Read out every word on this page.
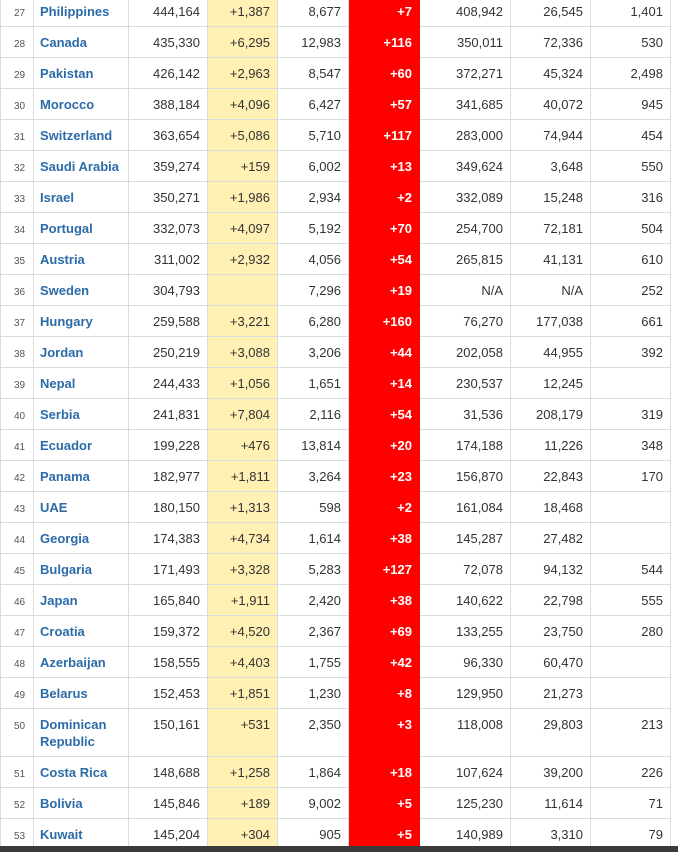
27	Philippines	444,164	+1,387	8,677	+7	408,942	26,545	1,401
28	Canada	435,330	+6,295	12,983	+116	350,011	72,336	530
29	Pakistan	426,142	+2,963	8,547	+60	372,271	45,324	2,498
30	Morocco	388,184	+4,096	6,427	+57	341,685	40,072	945
31	Switzerland	363,654	+5,086	5,710	+117	283,000	74,944	454
32	Saudi Arabia	359,274	+159	6,002	+13	349,624	3,648	550
33	Israel	350,271	+1,986	2,934	+2	332,089	15,248	316
34	Portugal	332,073	+4,097	5,192	+70	254,700	72,181	504
35	Austria	311,002	+2,932	4,056	+54	265,815	41,131	610
36	Sweden	304,793		7,296	+19	N/A	N/A	252
37	Hungary	259,588	+3,221	6,280	+160	76,270	177,038	661
38	Jordan	250,219	+3,088	3,206	+44	202,058	44,955	392
39	Nepal	244,433	+1,056	1,651	+14	230,537	12,245	
40	Serbia	241,831	+7,804	2,116	+54	31,536	208,179	319
41	Ecuador	199,228	+476	13,814	+20	174,188	11,226	348
42	Panama	182,977	+1,811	3,264	+23	156,870	22,843	170
43	UAE	180,150	+1,313	598	+2	161,084	18,468	
44	Georgia	174,383	+4,734	1,614	+38	145,287	27,482	
45	Bulgaria	171,493	+3,328	5,283	+127	72,078	94,132	544
46	Japan	165,840	+1,911	2,420	+38	140,622	22,798	555
47	Croatia	159,372	+4,520	2,367	+69	133,255	23,750	280
48	Azerbaijan	158,555	+4,403	1,755	+42	96,330	60,470	
49	Belarus	152,453	+1,851	1,230	+8	129,950	21,273	
50	Dominican Republic	150,161	+531	2,350	+3	118,008	29,803	213
51	Costa Rica	148,688	+1,258	1,864	+18	107,624	39,200	226
52	Bolivia	145,846	+189	9,002	+5	125,230	11,614	71
53	Kuwait	145,204	+304	905	+5	140,989	3,310	79
